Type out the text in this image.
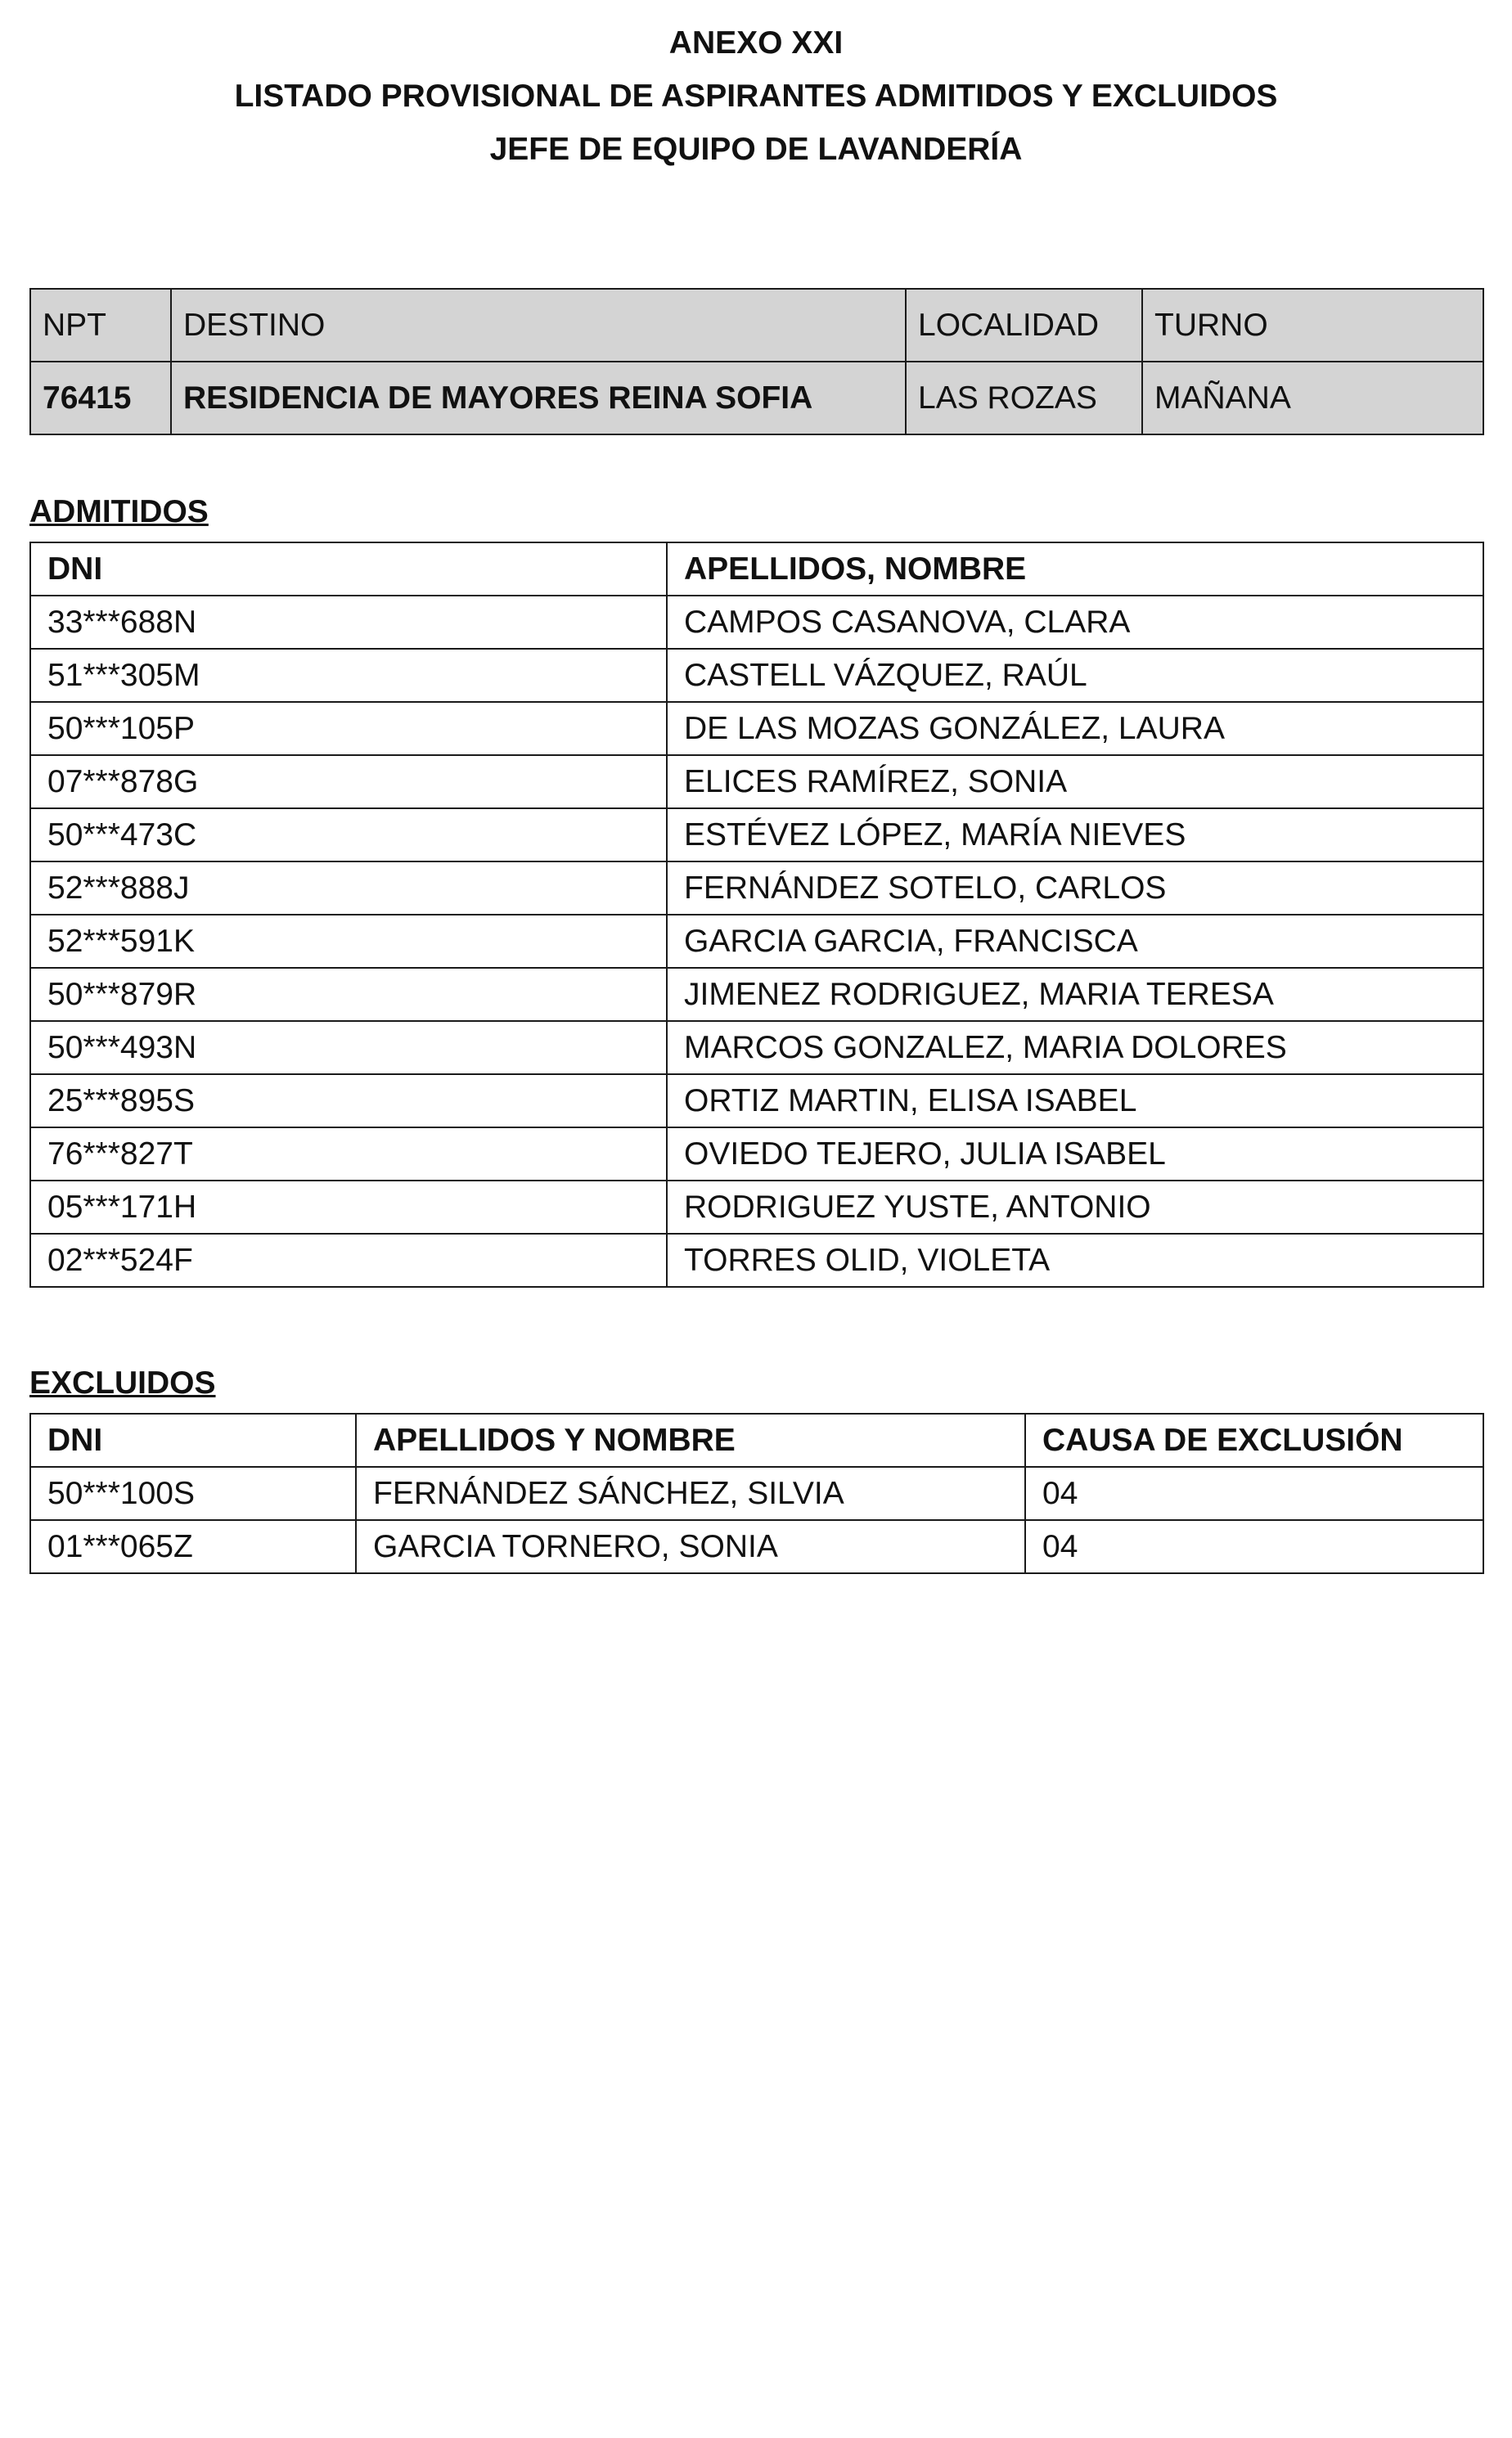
ANEXO XXI
LISTADO PROVISIONAL DE ASPIRANTES ADMITIDOS Y EXCLUIDOS
JEFE DE EQUIPO DE LAVANDERÍA
NPT	DESTINO	LOCALIDAD	TURNO
76415	RESIDENCIA DE MAYORES REINA SOFIA	LAS ROZAS	MAÑANA
ADMITIDOS
DNI	APELLIDOS, NOMBRE
33***688N	CAMPOS CASANOVA, CLARA
51***305M	CASTELL VÁZQUEZ, RAÚL
50***105P	DE LAS MOZAS GONZÁLEZ, LAURA
07***878G	ELICES RAMÍREZ, SONIA
50***473C	ESTÉVEZ LÓPEZ, MARÍA NIEVES
52***888J	FERNÁNDEZ SOTELO, CARLOS
52***591K	GARCIA GARCIA, FRANCISCA
50***879R	JIMENEZ RODRIGUEZ, MARIA TERESA
50***493N	MARCOS GONZALEZ, MARIA DOLORES
25***895S	ORTIZ MARTIN, ELISA ISABEL
76***827T	OVIEDO TEJERO, JULIA ISABEL
05***171H	RODRIGUEZ YUSTE, ANTONIO
02***524F	TORRES OLID, VIOLETA
EXCLUIDOS
DNI	APELLIDOS Y NOMBRE	CAUSA DE EXCLUSIÓN
50***100S	FERNÁNDEZ SÁNCHEZ, SILVIA	04
01***065Z	GARCIA TORNERO, SONIA	04
